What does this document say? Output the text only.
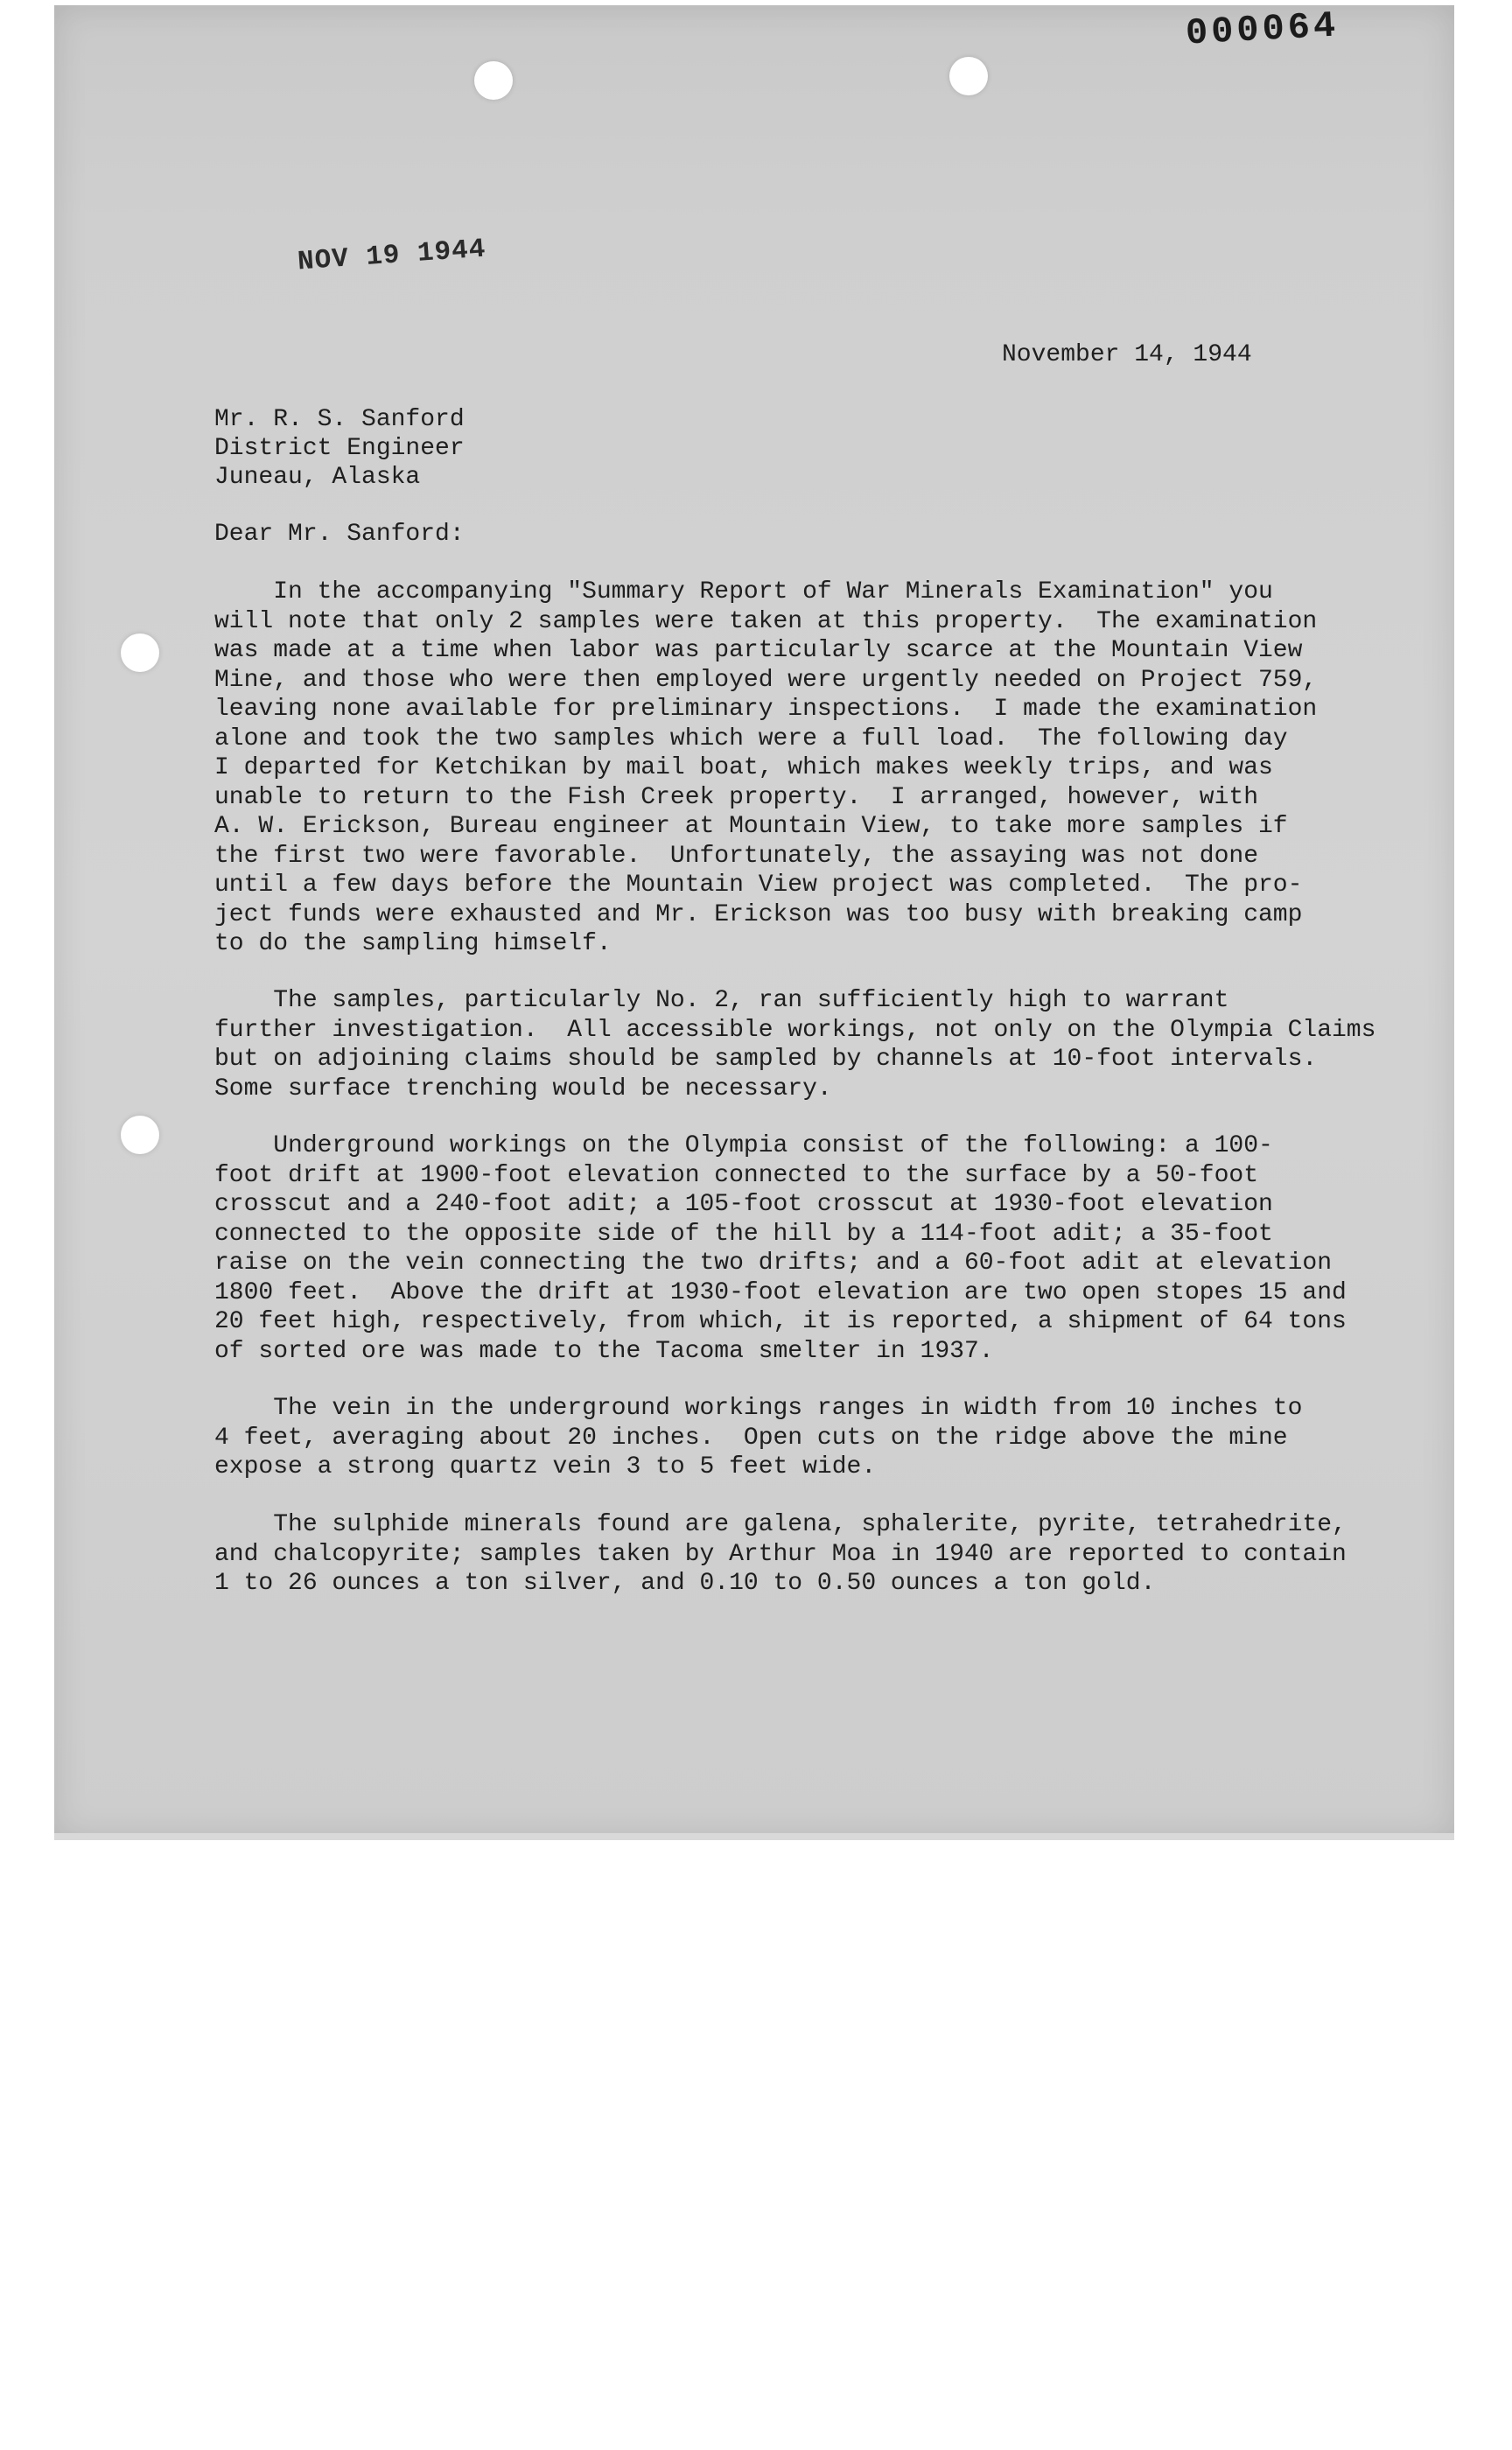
000064
NOV 19 1944
November 14, 1944
Mr. R. S. Sanford
District Engineer
Juneau, Alaska
Dear Mr. Sanford:
In the accompanying "Summary Report of War Minerals Examination" you
will note that only 2 samples were taken at this property.  The examination
was made at a time when labor was particularly scarce at the Mountain View
Mine, and those who were then employed were urgently needed on Project 759,
leaving none available for preliminary inspections.  I made the examination
alone and took the two samples which were a full load.  The following day
I departed for Ketchikan by mail boat, which makes weekly trips, and was
unable to return to the Fish Creek property.  I arranged, however, with
A. W. Erickson, Bureau engineer at Mountain View, to take more samples if
the first two were favorable.  Unfortunately, the assaying was not done
until a few days before the Mountain View project was completed.  The pro-
ject funds were exhausted and Mr. Erickson was too busy with breaking camp
to do the sampling himself.
The samples, particularly No. 2, ran sufficiently high to warrant
further investigation.  All accessible workings, not only on the Olympia Claims
but on adjoining claims should be sampled by channels at 10-foot intervals.
Some surface trenching would be necessary.
Underground workings on the Olympia consist of the following: a 100-
foot drift at 1900-foot elevation connected to the surface by a 50-foot
crosscut and a 240-foot adit; a 105-foot crosscut at 1930-foot elevation
connected to the opposite side of the hill by a 114-foot adit; a 35-foot
raise on the vein connecting the two drifts; and a 60-foot adit at elevation
1800 feet.  Above the drift at 1930-foot elevation are two open stopes 15 and
20 feet high, respectively, from which, it is reported, a shipment of 64 tons
of sorted ore was made to the Tacoma smelter in 1937.
The vein in the underground workings ranges in width from 10 inches to
4 feet, averaging about 20 inches.  Open cuts on the ridge above the mine
expose a strong quartz vein 3 to 5 feet wide.
The sulphide minerals found are galena, sphalerite, pyrite, tetrahedrite,
and chalcopyrite; samples taken by Arthur Moa in 1940 are reported to contain
1 to 26 ounces a ton silver, and 0.10 to 0.50 ounces a ton gold.
